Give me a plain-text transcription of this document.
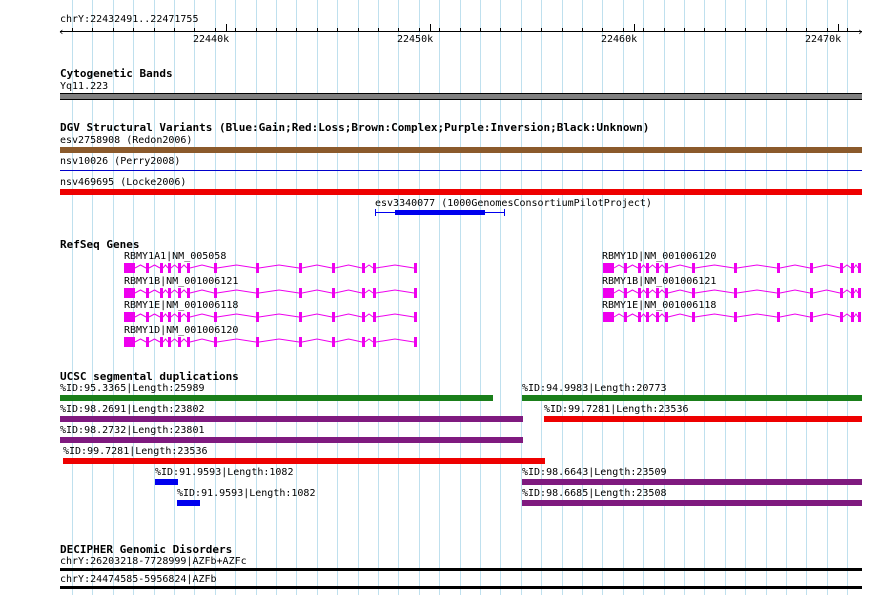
chrY:22432491..22471755
‹	›
22440k	22450k	22460k	22470k
Cytogenetic Bands
Yq11.223
DGV Structural Variants (Blue:Gain;Red:Loss;Brown:Complex;Purple:Inversion;Black:Unknown)
esv2758908 (Redon2006)
nsv10026 (Perry2008)
nsv469695 (Locke2006)
esv3340077 (1000GenomesConsortiumPilotProject)
RefSeq Genes
RBMY1A1|NM_005058
RBMY1B|NM_001006121
RBMY1E|NM_001006118
RBMY1D|NM_001006120
RBMY1D|NM_001006120
RBMY1B|NM_001006121
RBMY1E|NM_001006118
UCSC segmental duplications
%ID:95.3365|Length:25989	%ID:94.9983|Length:20773
%ID:98.2691|Length:23802	%ID:99.7281|Length:23536
%ID:98.2732|Length:23801
%ID:99.7281|Length:23536
%ID:91.9593|Length:1082	%ID:98.6643|Length:23509
%ID:91.9593|Length:1082	%ID:98.6685|Length:23508
DECIPHER Genomic Disorders
chrY:26203218-7728999|AZFb+AZFc
chrY:24474585-5956824|AZFb
